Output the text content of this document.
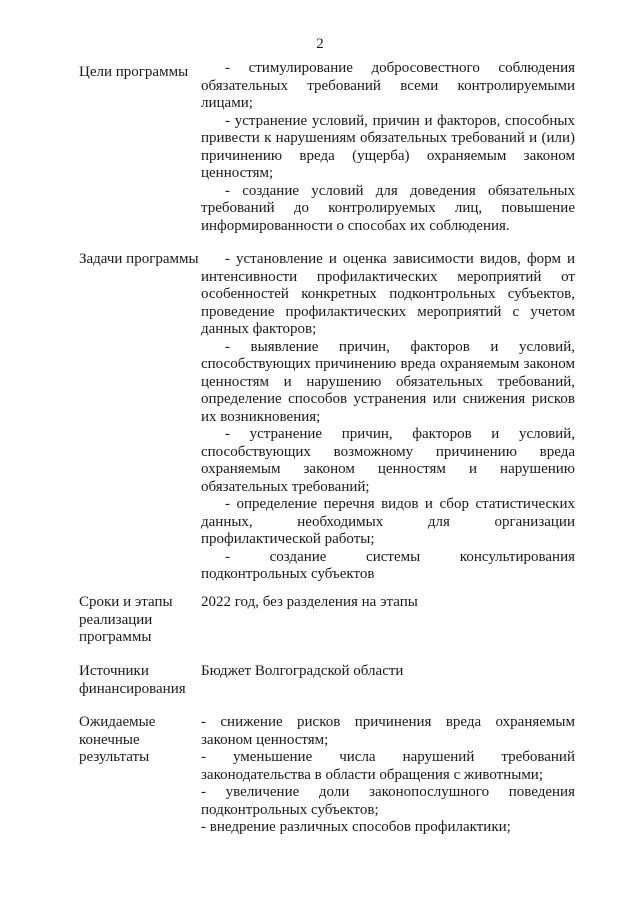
2
Цели программы	- стимулирование добросовестного соблюдения обязательных требований всеми контролируемыми лицами;

- устранение условий, причин и факторов, способных привести к нарушениям обязательных требований и (или) причинению вреда (ущерба) охраняемым законом ценностям;

- создание условий для доведения обязательных требований до контролируемых лиц, повышение информированности о способах их соблюдения.

Задачи программы	- установление и оценка зависимости видов, форм и интенсивности профилактических мероприятий от особенностей конкретных подконтрольных субъектов, проведение профилактических мероприятий с учетом данных факторов;

- выявление причин, факторов и условий, способствующих причинению вреда охраняемым законом ценностям и нарушению обязательных требований, определение способов устранения или снижения рисков их возникновения;

- устранение причин, факторов и условий, способствующих возможному причинению вреда охраняемым законом ценностям и нарушению обязательных требований;

- определение перечня видов и сбор статистических данных, необходимых для организации профилактической работы;

- создание системы консультирования подконтрольных субъектов

Сроки и этапы реализации программы

2022 год, без разделения на этапы

Источники финансирования

Бюджет Волгоградской области

Ожидаемые конечные результаты

- снижение рисков причинения вреда охраняемым законом ценностям;

- уменьшение числа нарушений требований законодательства в области обращения с животными;

- увеличение доли законопослушного поведения подконтрольных субъектов;

- внедрение различных способов профилактики;
